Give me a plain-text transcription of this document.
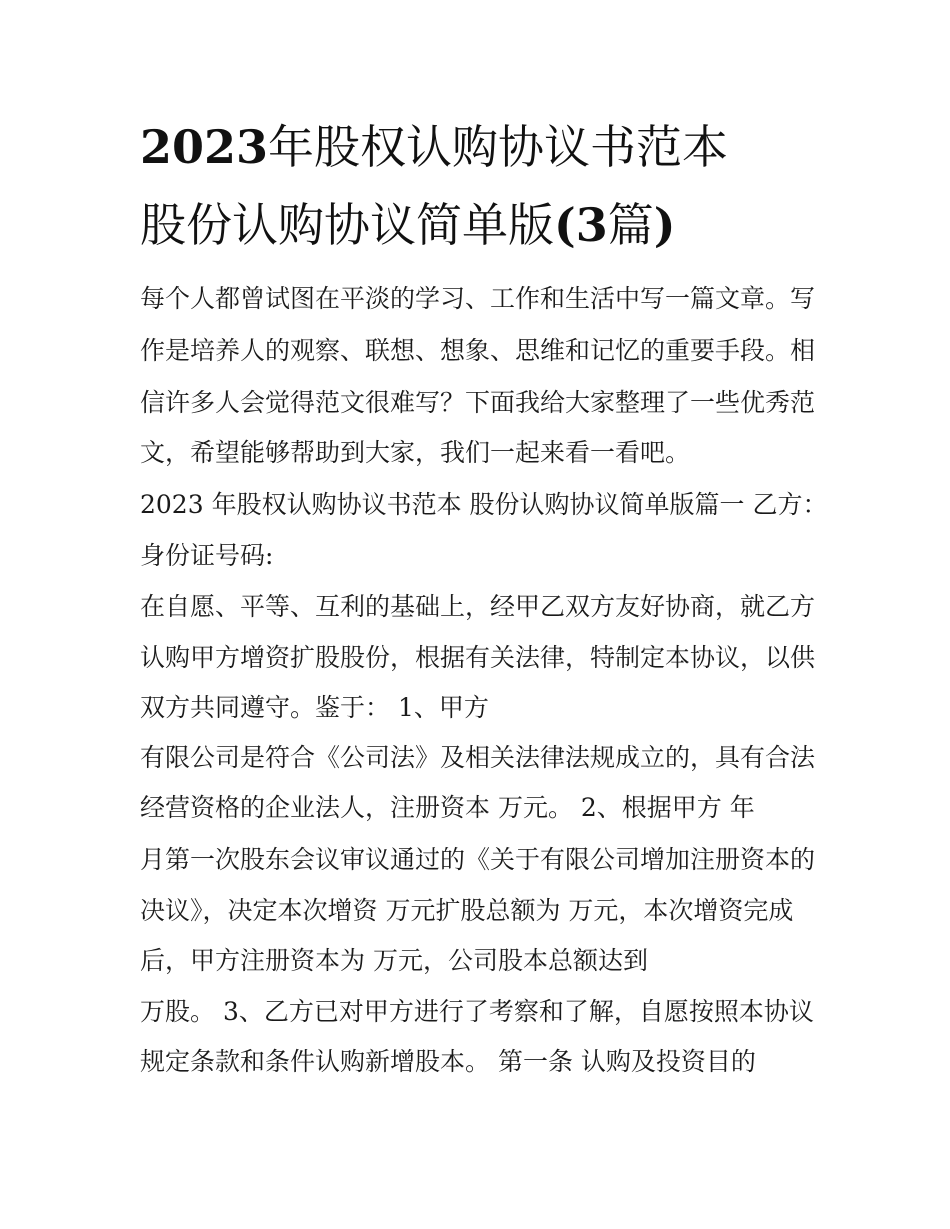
2023年股权认购协议书范本
股份认购协议简单版(3篇)
每个人都曾试图在平淡的学习、工作和生活中写一篇文章。写
作是培养人的观察、联想、想象、思维和记忆的重要手段。相
信许多人会觉得范文很难写？下面我给大家整理了一些优秀范
文，希望能够帮助到大家，我们一起来看一看吧。
2023 年股权认购协议书范本 股份认购协议简单版篇一 乙方：
身份证号码:
在自愿、平等、互利的基础上，经甲乙双方友好协商，就乙方
认购甲方增资扩股股份，根据有关法律，特制定本协议，以供
双方共同遵守。鉴于： 1、甲方
有限公司是符合《公司法》及相关法律法规成立的，具有合法
经营资格的企业法人，注册资本 万元。 2、根据甲方 年
月第一次股东会议审议通过的《关于有限公司增加注册资本的
决议》，决定本次增资 万元扩股总额为 万元，本次增资完成
后，甲方注册资本为 万元，公司股本总额达到
万股。 3、乙方已对甲方进行了考察和了解，自愿按照本协议
规定条款和条件认购新增股本。 第一条 认购及投资目的
